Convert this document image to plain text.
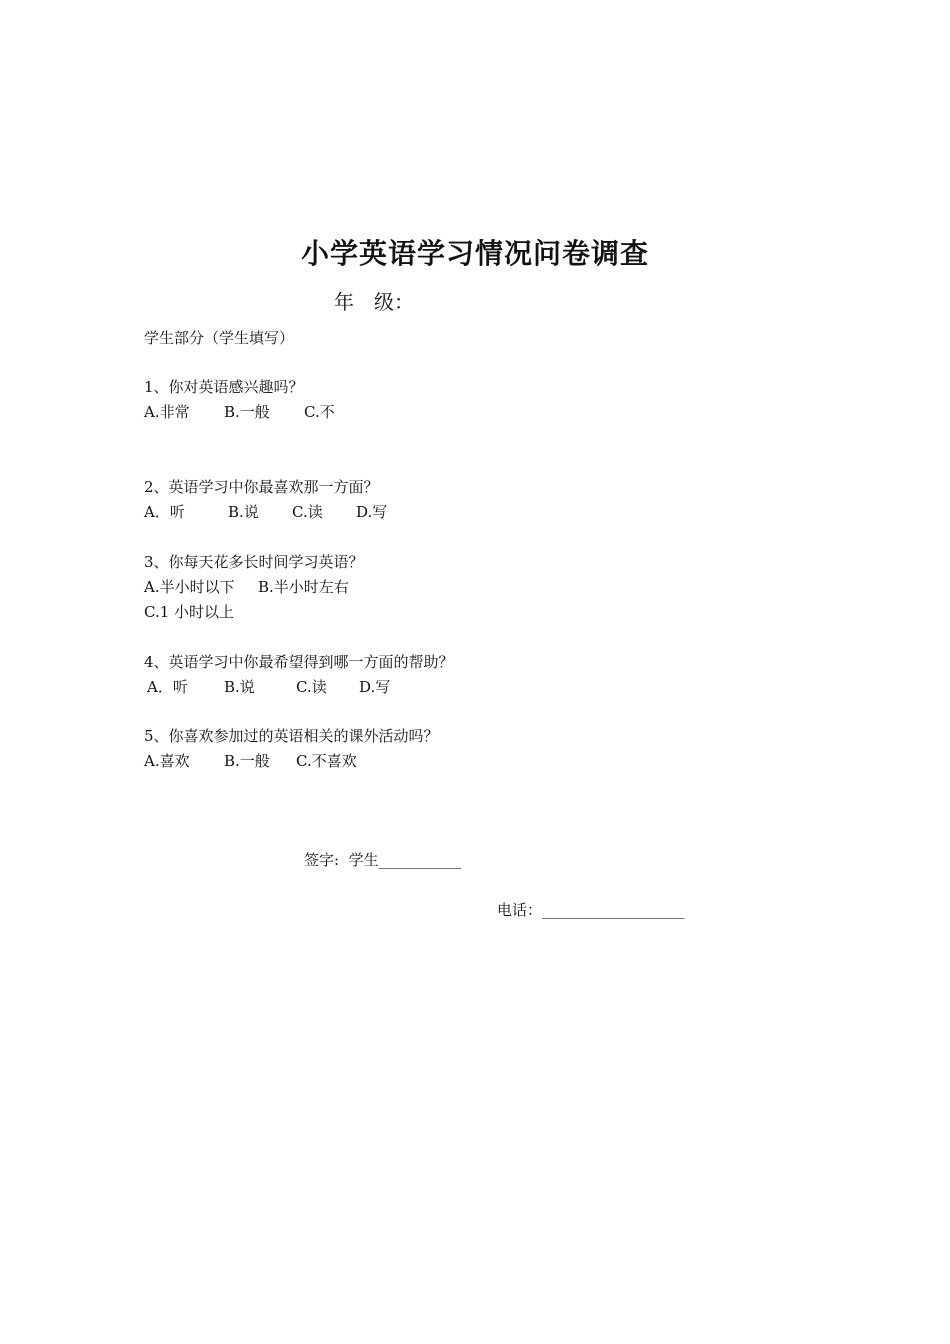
小学英语学习情况问卷调查
年　级：
学生部分（学生填写）
1、你对英语感兴趣吗？
A.非常 B.一般 C.不
2、英语学习中你最喜欢那一方面？
A．听	B.说 C.读 D.写
3、你每天花多长时间学习英语？
A.半小时以下 B.半小时左右
C.1 小时以上
4、英语学习中你最希望得到哪一方面的帮助？
A．听 B.说	C.读 D.写
5、你喜欢参加过的英语相关的课外活动吗？
A.喜欢 B.一般 C.不喜欢
签字:  学生___________
电话：___________________
